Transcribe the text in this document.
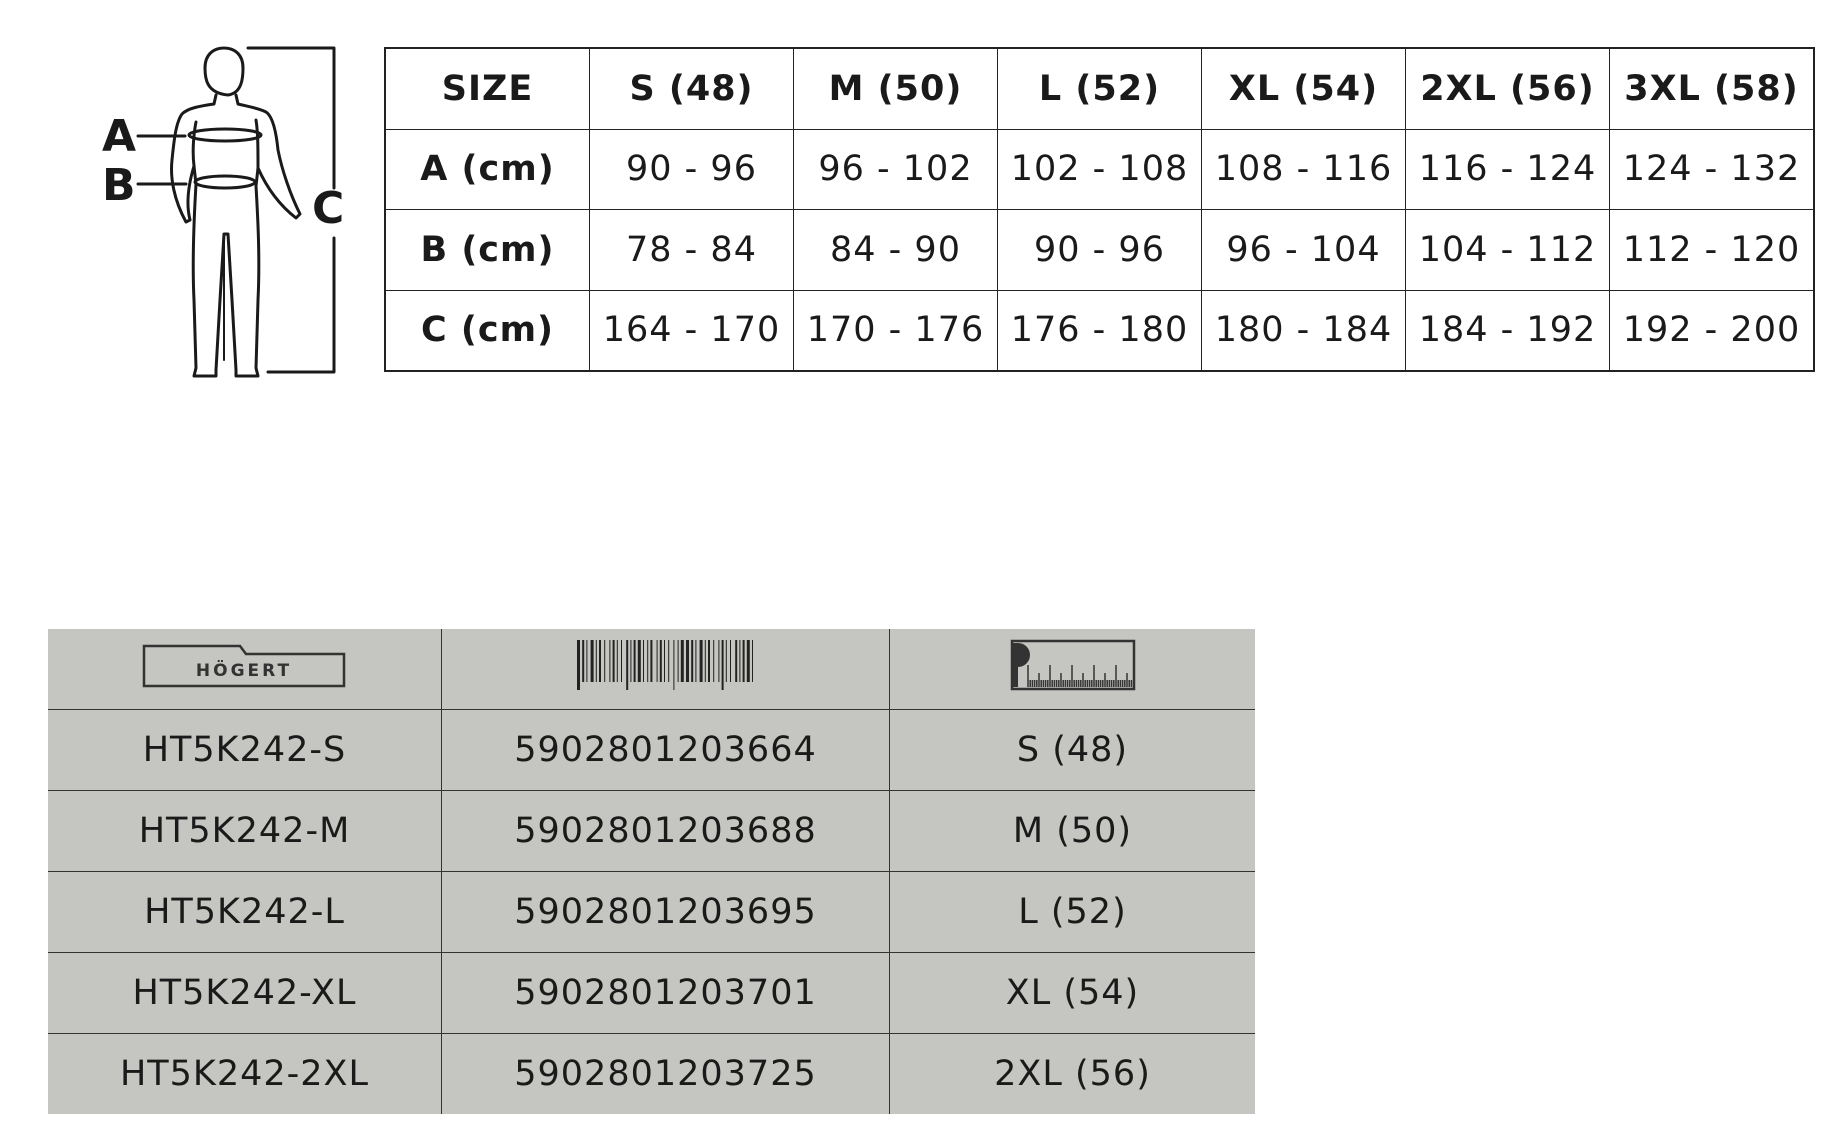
A
B	C
SIZE	S (48)	M (50)	L (52)	XL (54)	2XL (56)	3XL (58)
A (cm)	90 - 96	96 - 102	102 - 108	108 - 116	116 - 124	124 - 132
B (cm)	78 - 84	84 - 90	90 - 96	96 - 104	104 - 112	112 - 120
C (cm)	164 - 170	170 - 176	176 - 180	180 - 184	184 - 192	192 - 200
HÖGERT

HT5K242-S	5902801203664	S (48)
HT5K242-M	5902801203688	M (50)
HT5K242-L	5902801203695	L (52)
HT5K242-XL	5902801203701	XL (54)
HT5K242-2XL	5902801203725	2XL (56)
